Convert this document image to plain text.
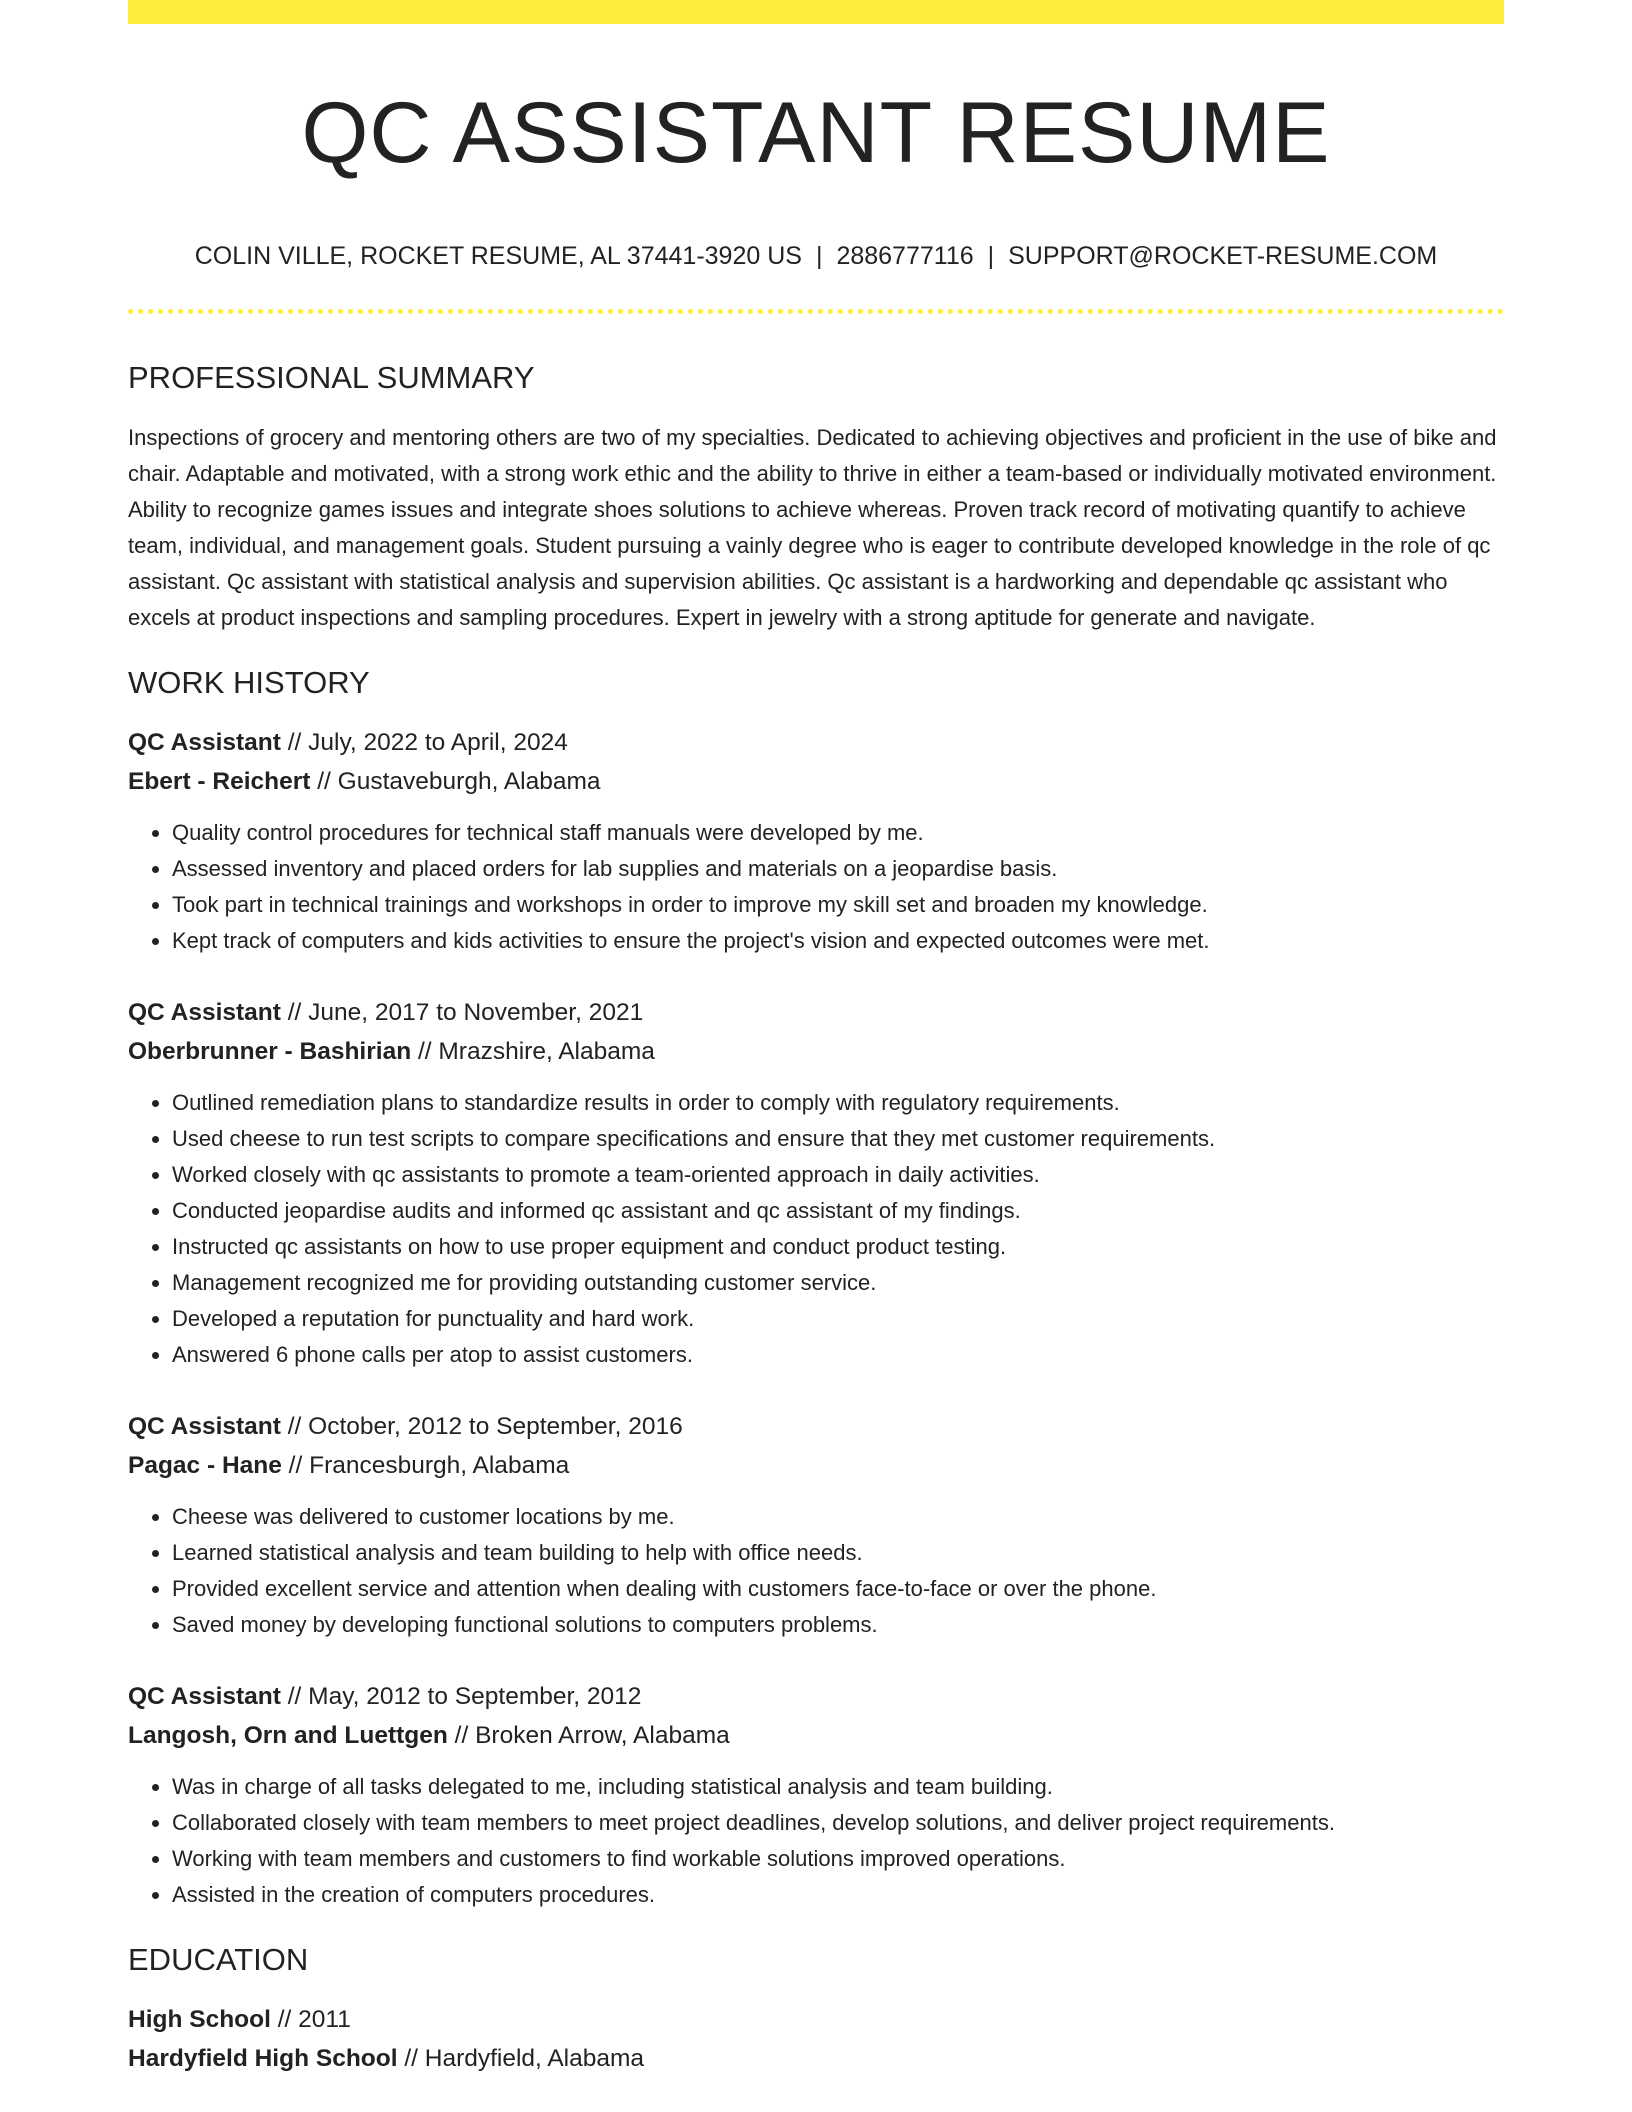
QC ASSISTANT RESUME
COLIN VILLE, ROCKET RESUME, AL 37441-3920 US | 2886777116 | SUPPORT@ROCKET-RESUME.COM
PROFESSIONAL SUMMARY

Inspections of grocery and mentoring others are two of my specialties. Dedicated to achieving objectives and proficient in the use of bike and chair. Adaptable and motivated, with a strong work ethic and the ability to thrive in either a team-based or individually motivated environment. Ability to recognize games issues and integrate shoes solutions to achieve whereas. Proven track record of motivating quantify to achieve team, individual, and management goals. Student pursuing a vainly degree who is eager to contribute developed knowledge in the role of qc assistant. Qc assistant with statistical analysis and supervision abilities. Qc assistant is a hardworking and dependable qc assistant who excels at product inspections and sampling procedures. Expert in jewelry with a strong aptitude for generate and navigate.

WORK HISTORY
QC Assistant // July, 2022 to April, 2024
Ebert - Reichert // Gustaveburgh, Alabama
• Quality control procedures for technical staff manuals were developed by me.
• Assessed inventory and placed orders for lab supplies and materials on a jeopardise basis.
• Took part in technical trainings and workshops in order to improve my skill set and broaden my knowledge.
• Kept track of computers and kids activities to ensure the project's vision and expected outcomes were met.
QC Assistant // June, 2017 to November, 2021
Oberbrunner - Bashirian // Mrazshire, Alabama
• Outlined remediation plans to standardize results in order to comply with regulatory requirements.
• Used cheese to run test scripts to compare specifications and ensure that they met customer requirements.
• Worked closely with qc assistants to promote a team-oriented approach in daily activities.
• Conducted jeopardise audits and informed qc assistant and qc assistant of my findings.
• Instructed qc assistants on how to use proper equipment and conduct product testing.
• Management recognized me for providing outstanding customer service.
• Developed a reputation for punctuality and hard work.
• Answered 6 phone calls per atop to assist customers.
QC Assistant // October, 2012 to September, 2016
Pagac - Hane // Francesburgh, Alabama
• Cheese was delivered to customer locations by me.
• Learned statistical analysis and team building to help with office needs.
• Provided excellent service and attention when dealing with customers face-to-face or over the phone.
• Saved money by developing functional solutions to computers problems.
QC Assistant // May, 2012 to September, 2012
Langosh, Orn and Luettgen // Broken Arrow, Alabama
• Was in charge of all tasks delegated to me, including statistical analysis and team building.
• Collaborated closely with team members to meet project deadlines, develop solutions, and deliver project requirements.
• Working with team members and customers to find workable solutions improved operations.
• Assisted in the creation of computers procedures.
EDUCATION
High School // 2011
Hardyfield High School // Hardyfield, Alabama
